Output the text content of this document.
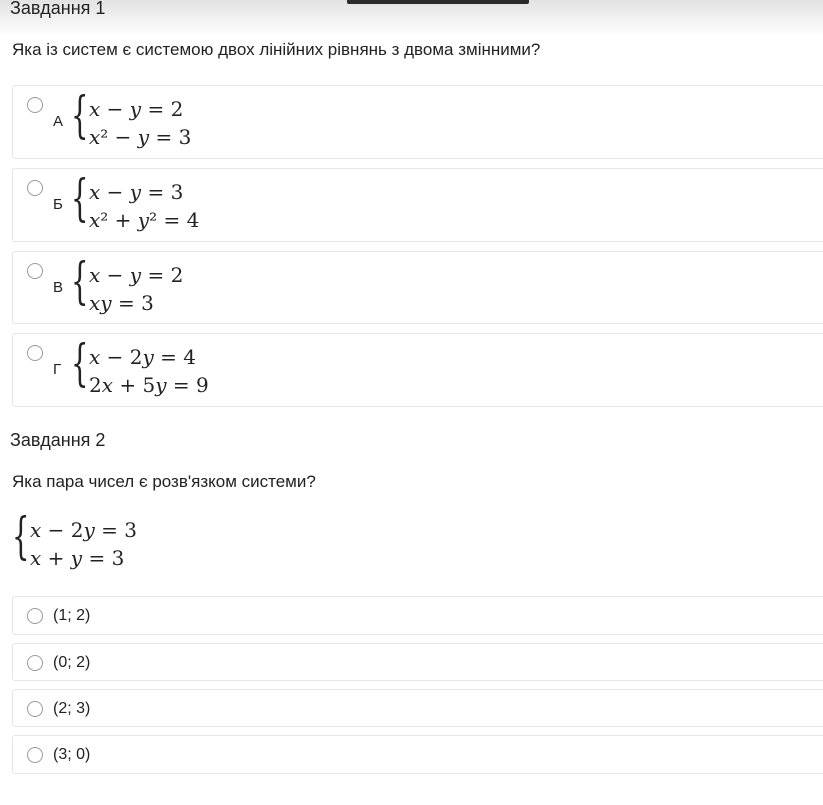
Завдання 1
Яка із систем є системою двох лінійних рівнянь з двома змінними?
А { x − y = 2
x² − y = 3
Б { x − y = 3
x² + y² = 4
В { x − y = 2
xy = 3
Г { x − 2y = 4
2x + 5y = 9
Завдання 2
Яка пара чисел є розв'язком системи?
{ x − 2y = 3
x + y = 3
(1; 2)
(0; 2)
(2; 3)
(3; 0)
